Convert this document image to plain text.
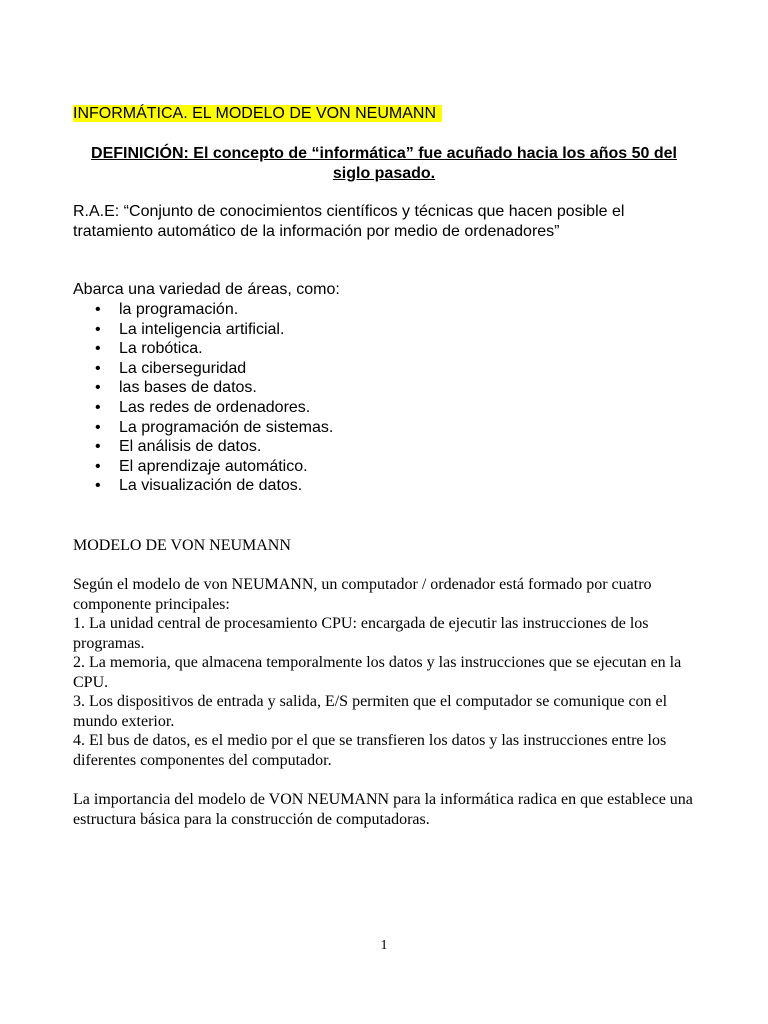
INFORMÁTICA. EL MODELO DE VON NEUMANN

DEFINICIÓN: El concepto de “informática” fue acuñado hacia los años 50 del siglo pasado.

R.A.E: “Conjunto de conocimientos científicos y técnicas que hacen posible el tratamiento automático de la información por medio de ordenadores”

Abarca una variedad de áreas, como:

• la programación.
• La inteligencia artificial.
• La robótica.
• La ciberseguridad
• las bases de datos.
• Las redes de ordenadores.
• La programación de sistemas.
• El análisis de datos.
• El aprendizaje automático.
• La visualización de datos.
MODELO DE VON NEUMANN

Según el modelo de von NEUMANN, un computador / ordenador está formado por cuatro componente principales:

1. La unidad central de procesamiento CPU: encargada de ejecutir las instrucciones de los programas.

2. La memoria, que almacena temporalmente los datos y las instrucciones que se ejecutan en la CPU.

3. Los dispositivos de entrada y salida, E/S permiten que el computador se comunique con el mundo exterior.

4. El bus de datos, es el medio por el que se transfieren los datos y las instrucciones entre los diferentes componentes del computador.

La importancia del modelo de VON NEUMANN para la informática radica en que establece una estructura básica para la construcción de computadoras.

1
